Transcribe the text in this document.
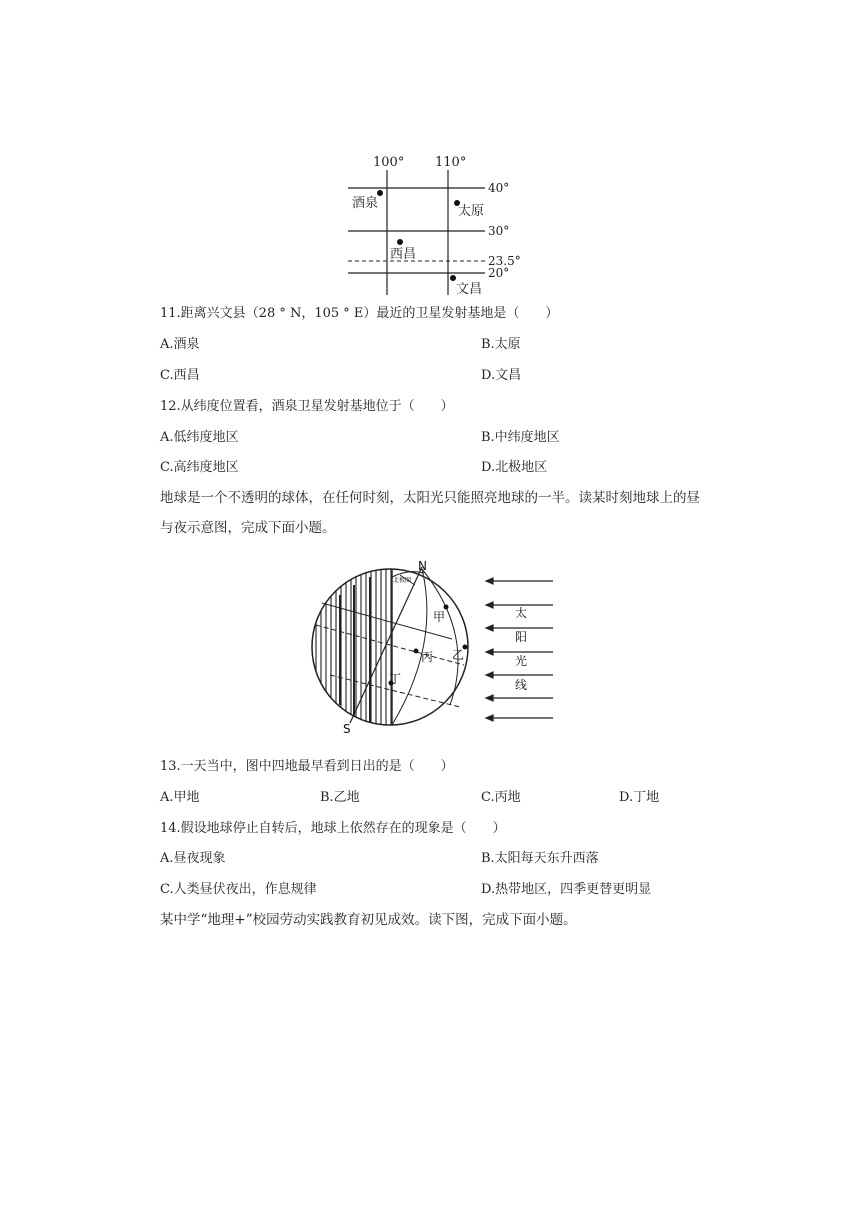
100° 110°
40°
30°
23.5°
20°
酒泉
太原
西昌
文昌
11.距离兴文县（28 ° N，105 ° E）最近的卫星发射基地是（　　）
A.酒泉	B.太原
C.西昌	D.文昌
12.从纬度位置看，酒泉卫星发射基地位于（　　）
A.低纬度地区	B.中纬度地区
C.高纬度地区	D.北极地区
地球是一个不透明的球体，在任何时刻，太阳光只能照亮地球的一半。读某时刻地球上的昼
与夜示意图，完成下面小题。
N
S
甲
乙
丙
丁
北极圈
太
阳
光
线
13.一天当中，图中四地最早看到日出的是（　　）
A.甲地	B.乙地	C.丙地	D.丁地
14.假设地球停止自转后，地球上依然存在的现象是（　　）
A.昼夜现象	B.太阳每天东升西落
C.人类昼伏夜出，作息规律	D.热带地区，四季更替更明显
某中学“地理+”校园劳动实践教育初见成效。读下图，完成下面小题。
